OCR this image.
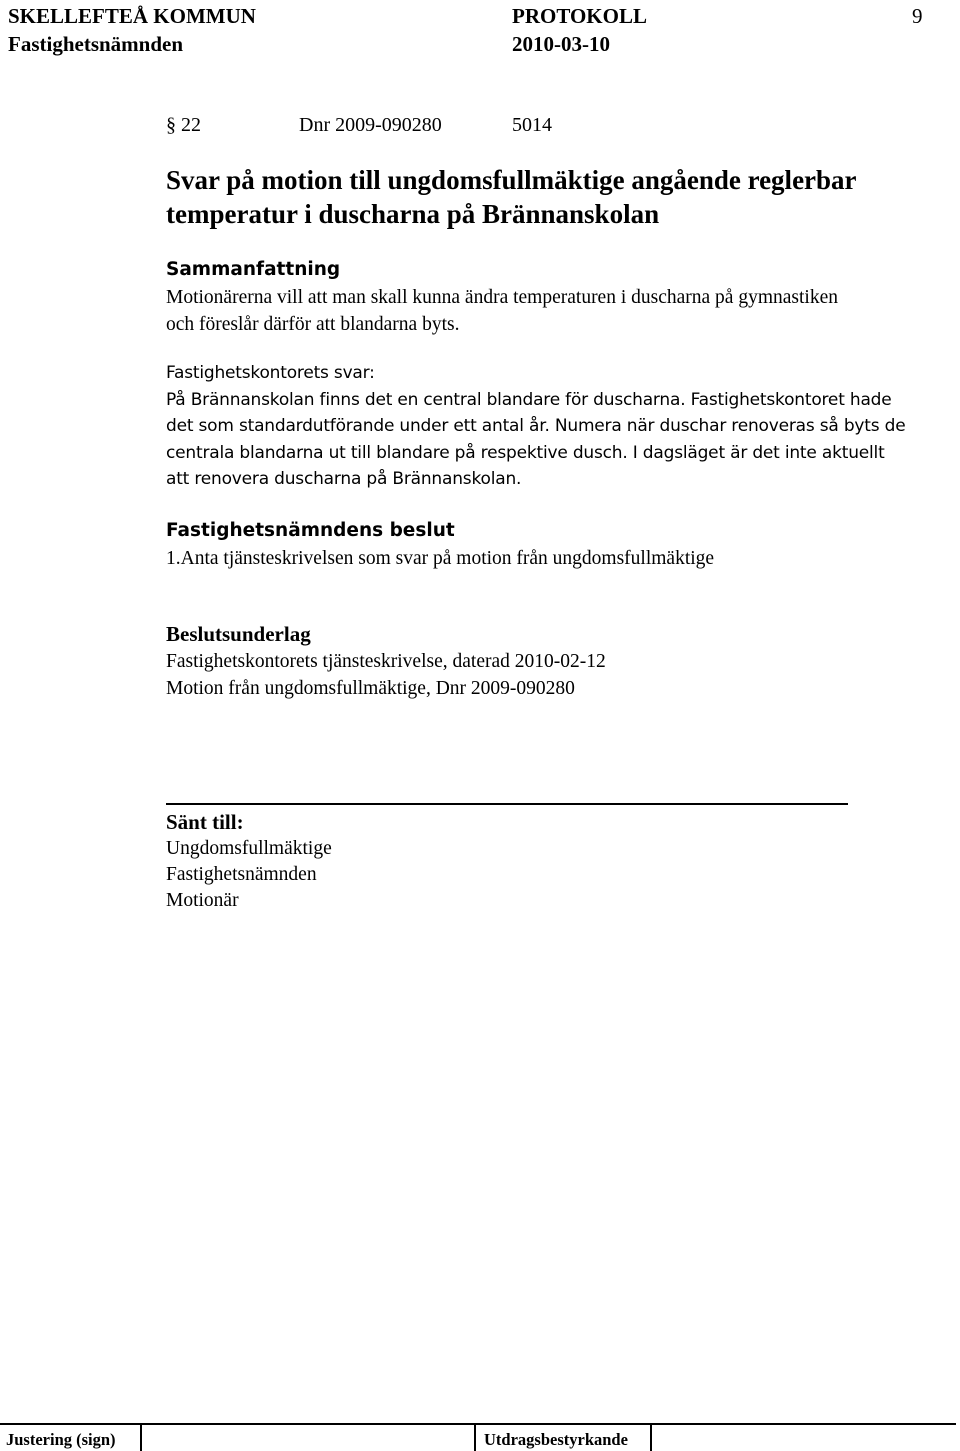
SKELLEFTEÅ KOMMUN
Fastighetsnämnden
PROTOKOLL
2010-03-10
9
§ 22	Dnr 2009-090280	5014
Svar på motion till ungdomsfullmäktige angående reglerbar
temperatur i duscharna på Brännanskolan
Sammanfattning
Motionärerna vill att man skall kunna ändra temperaturen i duscharna på gymnastiken
och föreslår därför att blandarna byts.
Fastighetskontorets svar:
På Brännanskolan finns det en central blandare för duscharna. Fastighetskontoret hade
det som standardutförande under ett antal år. Numera när duschar renoveras så byts de
centrala blandarna ut till blandare på respektive dusch. I dagsläget är det inte aktuellt
att renovera duscharna på Brännanskolan.
Fastighetsnämndens beslut
1.Anta tjänsteskrivelsen som svar på motion från ungdomsfullmäktige
Beslutsunderlag
Fastighetskontorets tjänsteskrivelse, daterad 2010-02-12
Motion från ungdomsfullmäktige, Dnr 2009-090280
Sänt till:
Ungdomsfullmäktige
Fastighetsnämnden
Motionär
Justering (sign)	Utdragsbestyrkande
